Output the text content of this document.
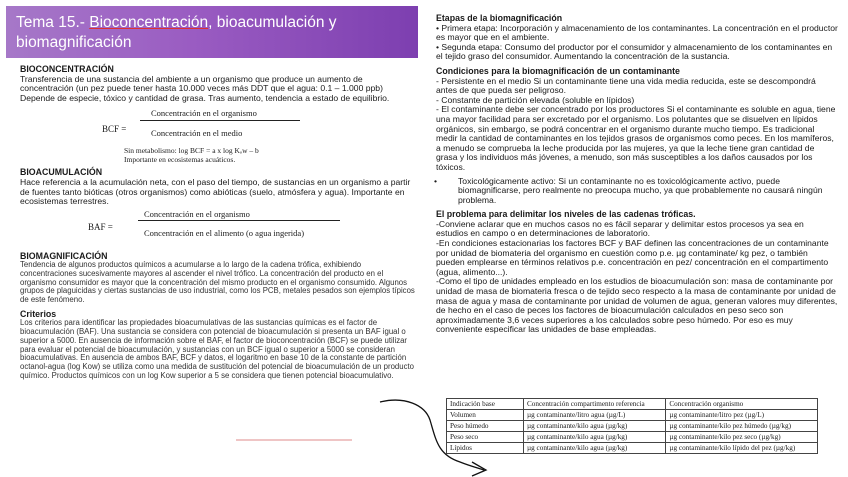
Tema 15.- Bioconcentración, bioacumulación y biomagnificación

BIOCONCENTRACIÓN

Transferencia de una sustancia del ambiente a un organismo que produce un aumento de concentración (un pez puede tener hasta 10.000 veces más DDT que el agua: 0.1 – 1.000 ppb)

Depende de especie, tóxico y cantidad de grasa. Tras aumento, tendencia a estado de equilibrio.

BCF =
Concentración en el organismo
Concentración en el medio
Sin metabolismo: log BCF = a x log Kₒw – b
Importante en ecosistemas acuáticos.

BIOACUMULACIÓN

Hace referencia a la acumulación neta, con el paso del tiempo, de sustancias en un organismo a partir de fuentes tanto bióticas (otros organismos) como abióticas (suelo, atmósfera y agua). Importante en ecosistemas terrestres.

BAF =
Concentración en el organismo
Concentración en el alimento (o agua ingerida)

BIOMAGNIFICACIÓN

Tendencia de algunos productos químicos a acumularse a lo largo de la cadena trófica, exhibiendo concentraciones sucesivamente mayores al ascender el nivel trófico. La concentración del producto en el organismo consumidor es mayor que la concentración del mismo producto en el organismo consumido. Algunos grupos de plaguicidas y ciertas sustancias de uso industrial, como los PCB, metales pesados son ejemplos típicos de este fenómeno.

Criterios

Los criterios para identificar las propiedades bioacumulativas de las sustancias químicas es el factor de bioacumulación (BAF). Una sustancia se considera con potencial de bioacumulación si presenta un BAF igual o superior a 5000. En ausencia de información sobre el BAF, el factor de bioconcentración (BCF) se puede utilizar para evaluar el potencial de bioacumulación, y sustancias con un BCF igual o superior a 5000 se consideran bioacumulativas. En ausencia de ambos BAF, BCF y datos, el logaritmo en base 10 de la constante de partición octanol-agua (log Kow) se utiliza como una medida de sustitución del potencial de bioacumulación de un producto químico. Productos químicos con un log Kow superior a 5 se considera que tienen potencial bioacumulativo.

Etapas de la biomagnificación

• Primera etapa: Incorporación y almacenamiento de los contaminantes. La concentración en el productor es mayor que en el ambiente.

• Segunda etapa: Consumo del productor por el consumidor y almacenamiento de los contaminantes en el tejido graso del consumidor. Aumentando la concentración de la sustancia.

Condiciones para la biomagnificación de un contaminante

- Persistente en el medio Si un contaminante tiene una vida media reducida, este se descompondrá antes de que pueda ser peligroso.

- Constante de partición elevada (soluble en lípidos)

- El contaminante debe ser concentrado por los productores Si el contaminante es soluble en agua, tiene una mayor facilidad para ser excretado por el organismo. Los polutantes que se disuelven en lípidos orgánicos, sin embargo, se podrá concentrar en el organismo durante mucho tiempo. Es tradicional medir la cantidad de contaminantes en los tejidos grasos de organismos como peces. En los mamíferos, a menudo se comprueba la leche producida por las mujeres, ya que la leche tiene gran cantidad de grasa y los individuos más jóvenes, a menudo, son más susceptibles a los daños causados por los tóxicos.

•	Toxicológicamente activo: Si un contaminante no es toxicológicamente activo, puede biomagnificarse, pero realmente no preocupa mucho, ya que probablemente no causará ningún problema.

El problema para delimitar los niveles de las cadenas tróficas.

-Conviene aclarar que en muchos casos no es fácil separar y delimitar estos procesos ya sea en estudios en campo o en determinaciones de laboratorio.

-En condiciones estacionarias los factores BCF y BAF definen las concentraciones de un contaminante por unidad de biomateria del organismo en cuestión como p.e. µg contaminate/ kg pez, o también pueden emplearse en términos relativos p.e. concentración en pez/ concentración en el compartimento (agua, alimento...).

-Como el tipo de unidades empleado en los estudios de bioacumulación son: masa de contaminante por unidad de masa de biomateria fresca o de tejido seco respecto a la masa de contaminante por unidad de masa de agua y masa de contaminante por unidad de volumen de agua, generan valores muy diferentes, de hecho en el caso de peces los factores de bioacumulación calculados en peso seco son aproximadamente 3,6 veces superiores a los calculados sobre peso húmedo. Por eso es muy conveniente especificar las unidades de base empleadas.

Indicación base	Concentración compartimento referencia	Concentración organismo
Volumen	µg contaminante/litro agua (µg/L)	µg contaminante/litro pez (µg/L)
Peso húmedo	µg contaminante/kilo agua (µg/kg)	µg contaminante/kilo pez húmedo (µg/kg)
Peso seco	µg contaminante/kilo agua (µg/kg)	µg contaminante/kilo pez seco (µg/kg)
Lípidos	µg contaminante/kilo agua (µg/kg)	µg contaminante/kilo lípido del pez (µg/kg)
